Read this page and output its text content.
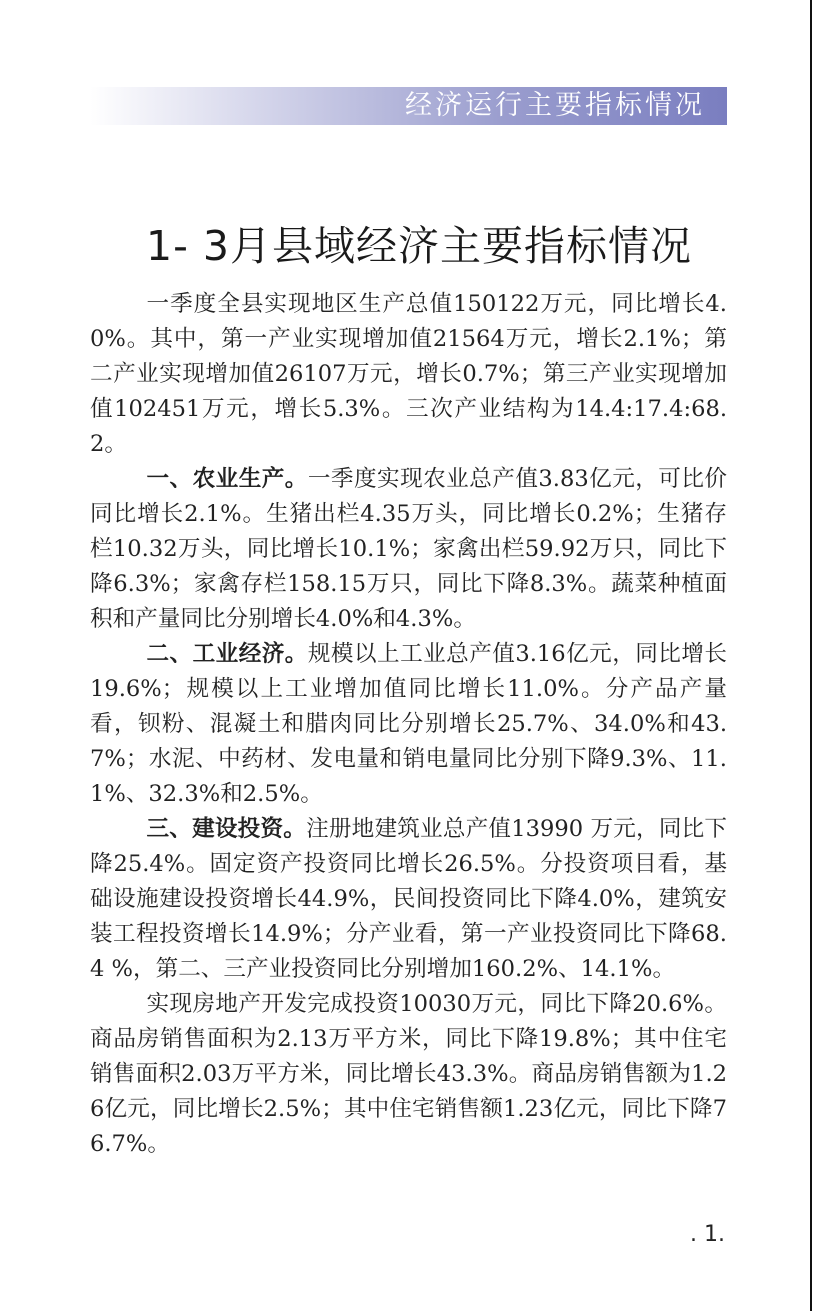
经济运行主要指标情况
1- 3月县域经济主要指标情况

一季度全县实现地区生产总值150122万元，同比增长4.0%。其中，第一产业实现增加值21564万元，增长2.1%；第二产业实现增加值26107万元，增长0.7%；第三产业实现增加值102451万元，增长5.3%。三次产业结构为14.4:17.4:68.2。

一、农业生产。一季度实现农业总产值3.83亿元，可比价同比增长2.1%。生猪出栏4.35万头，同比增长0.2%；生猪存栏10.32万头，同比增长10.1%；家禽出栏59.92万只，同比下降6.3%；家禽存栏158.15万只，同比下降8.3%。蔬菜种植面积和产量同比分别增长4.0%和4.3%。

二、工业经济。规模以上工业总产值3.16亿元，同比增长19.6%；规模以上工业增加值同比增长11.0%。分产品产量看，钡粉、混凝土和腊肉同比分别增长25.7%、34.0%和43.7%；水泥、中药材、发电量和销电量同比分别下降9.3%、11.1%、32.3%和2.5%。

三、建设投资。注册地建筑业总产值13990 万元，同比下降25.4%。固定资产投资同比增长26.5%。分投资项目看，基础设施建设投资增长44.9%，民间投资同比下降4.0%，建筑安装工程投资增长14.9%；分产业看，第一产业投资同比下降68.4 %，第二、三产业投资同比分别增加160.2%、14.1%。

实现房地产开发完成投资10030万元，同比下降20.6%。商品房销售面积为2.13万平方米，同比下降19.8%；其中住宅销售面积2.03万平方米，同比增长43.3%。商品房销售额为1.26亿元，同比增长2.5%；其中住宅销售额1.23亿元，同比下降76.7%。

. 1.
